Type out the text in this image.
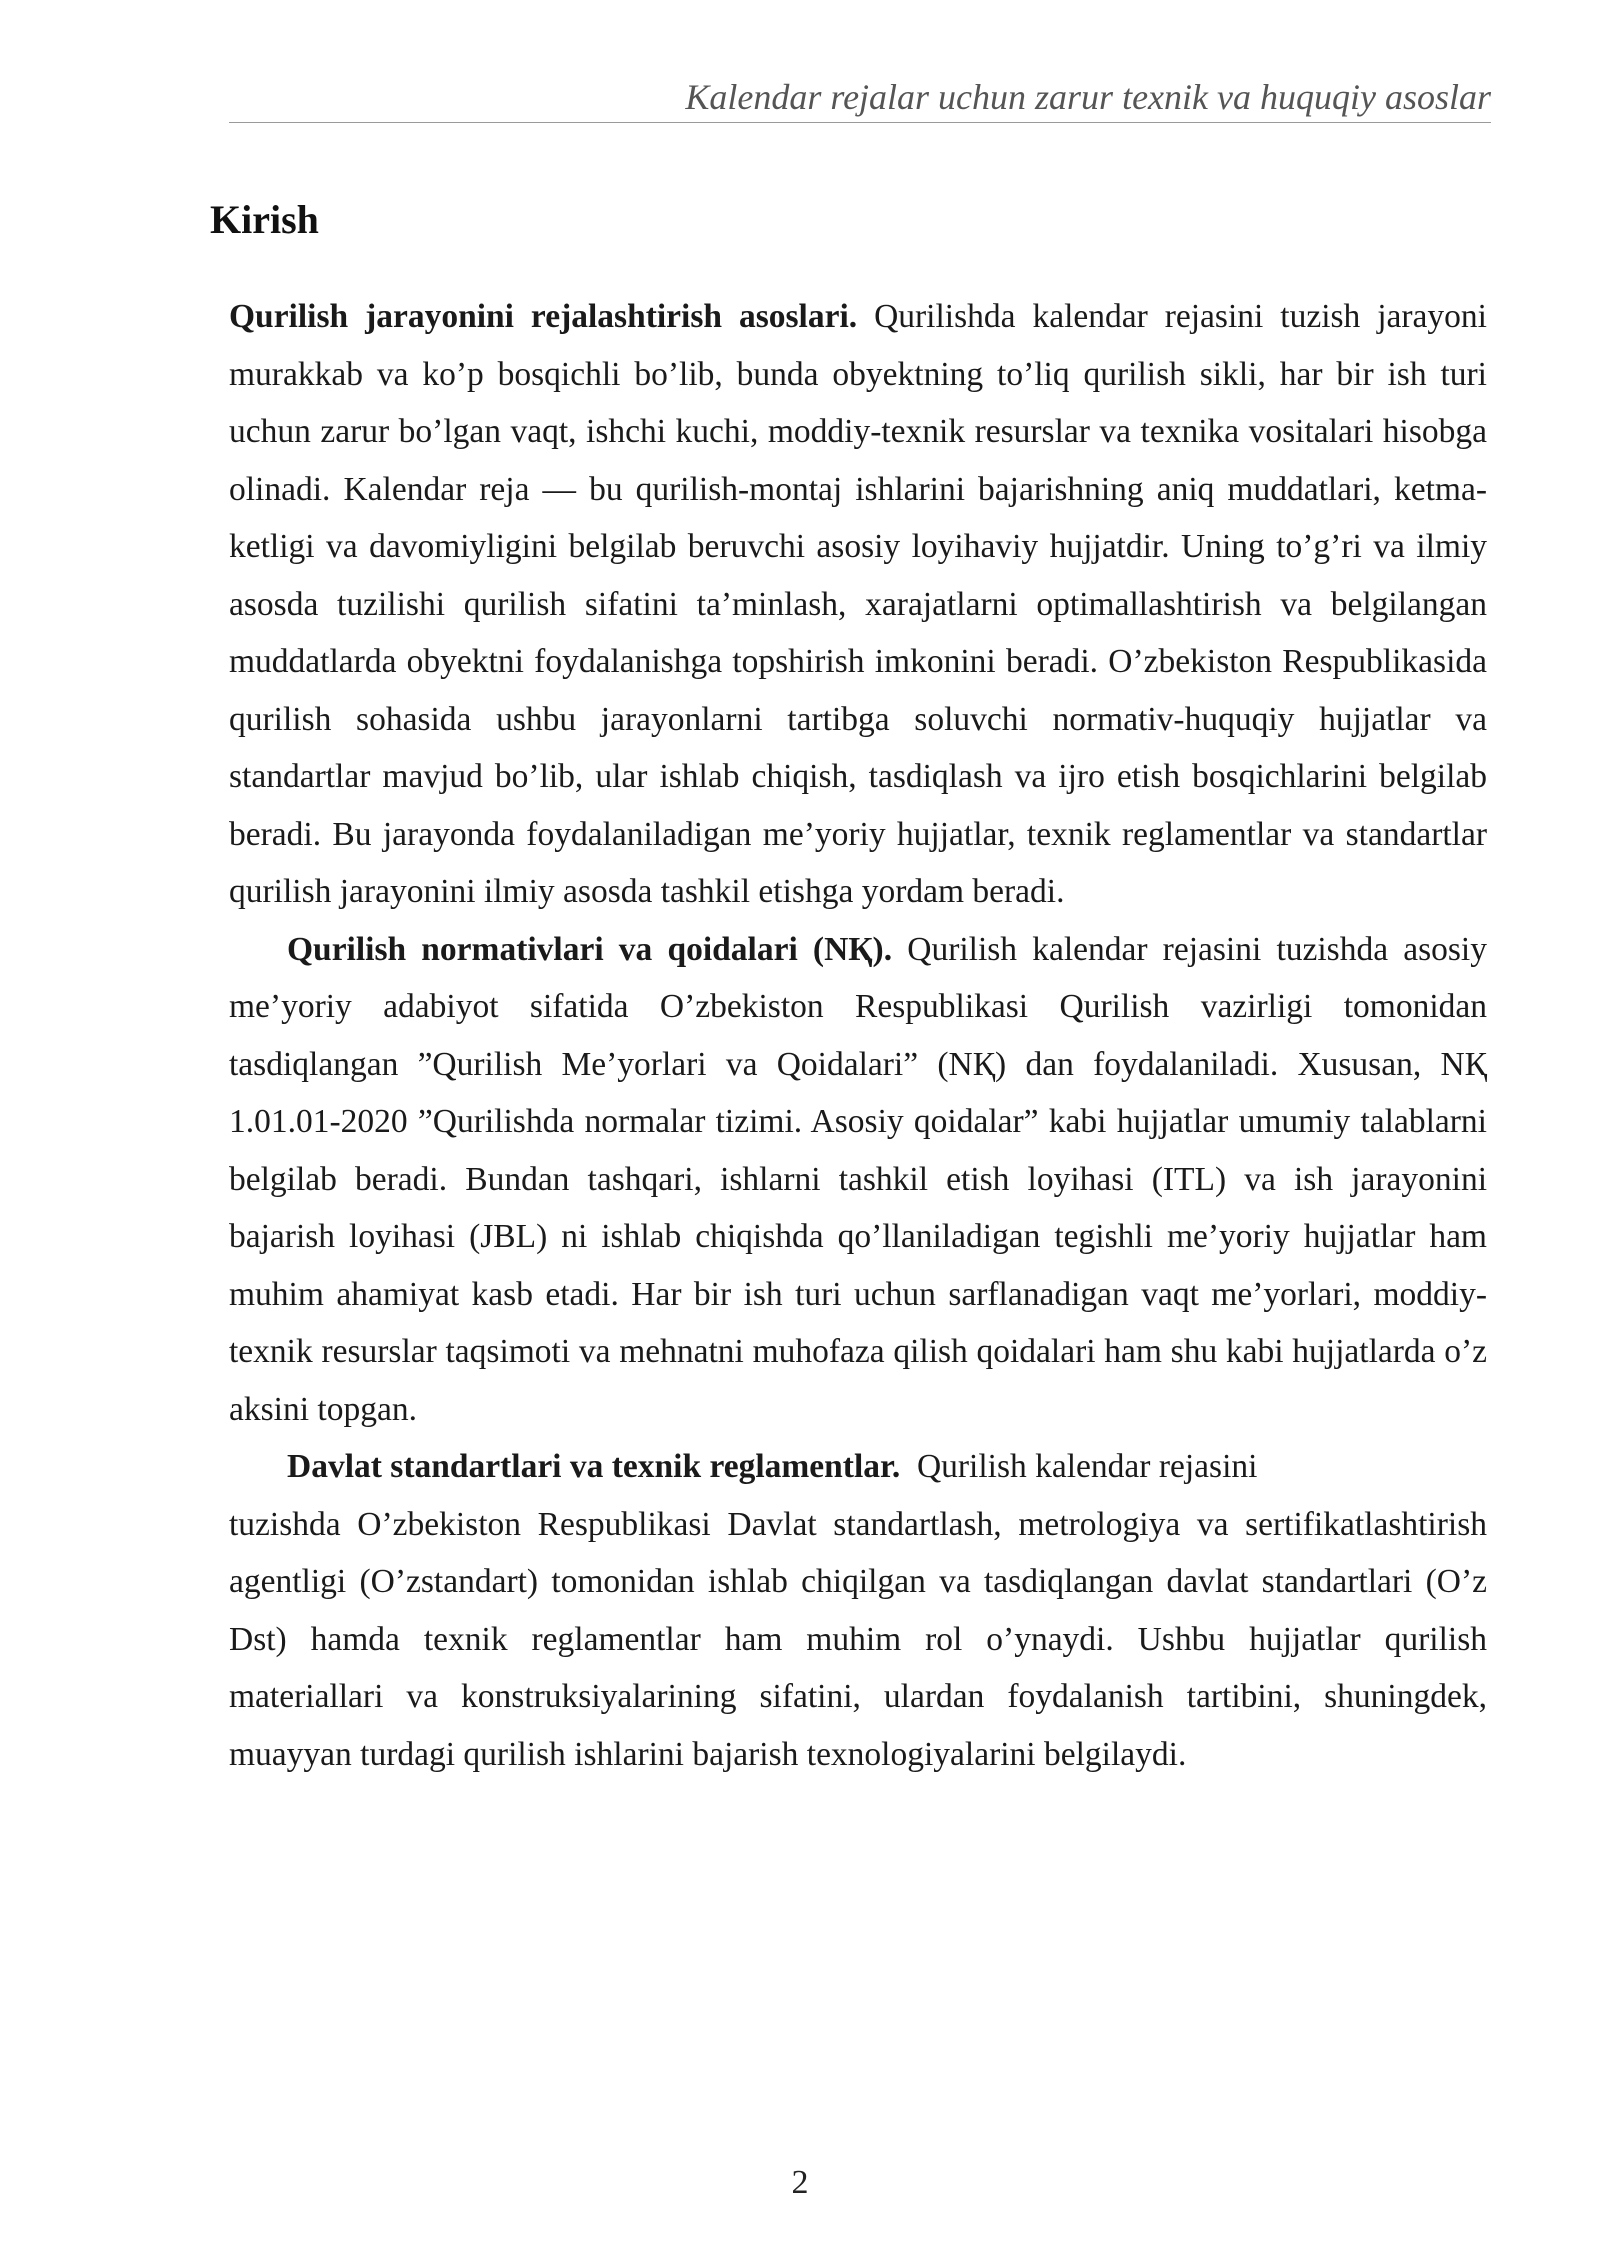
Kalendar rejalar uchun zarur texnik va huquqiy asoslar
Kirish

Qurilish jarayonini rejalashtirish asoslari. Qurilishda kalendar rejasini tuzish jarayoni murakkab va ko’p bosqichli bo’lib, bunda obyektning to’liq qurilish sikli, har bir ish turi uchun zarur bo’lgan vaqt, ishchi kuchi, moddiy-texnik resurslar va texnika vositalari hisobga olinadi. Kalendar reja — bu qurilish-montaj ishlarini bajarishning aniq muddatlari, ketma-ketligi va davomiyligini belgilab beruvchi asosiy loyihaviy hujjatdir. Uning to’g’ri va ilmiy asosda tuzilishi qurilish sifatini ta’minlash, xarajatlarni optimallashtirish va belgilangan muddatlarda obyektni foydalanishga topshirish imkonini beradi. O’zbekiston Respublikasida qurilish sohasida ushbu jarayonlarni tartibga soluvchi normativ-huquqiy hujjatlar va standartlar mavjud bo’lib, ular ishlab chiqish, tasdiqlash va ijro etish bosqichlarini belgilab beradi. Bu jarayonda foydalaniladigan me’yoriy hujjatlar, texnik reglamentlar va standartlar qurilish jarayonini ilmiy asosda tashkil etishga yordam beradi.

Qurilish normativlari va qoidalari (NҚ). Qurilish kalendar rejasini tuzishda asosiy me’yoriy adabiyot sifatida O’zbekiston Respublikasi Qurilish vazirligi tomonidan tasdiqlangan ”Qurilish Me’yorlari va Qoidalari” (NҚ) dan foydalaniladi. Xususan, NҚ 1.01.01-2020 ”Qurilishda normalar tizimi. Asosiy qoidalar” kabi hujjatlar umumiy talablarni belgilab beradi. Bundan tashqari, ishlarni tashkil etish loyihasi (ITL) va ish jarayonini bajarish loyihasi (JBL) ni ishlab chiqishda qo’llaniladigan tegishli me’yoriy hujjatlar ham muhim ahamiyat kasb etadi. Har bir ish turi uchun sarflanadigan vaqt me’yorlari, moddiy-texnik resurslar taqsimoti va mehnatni muhofaza qilish qoidalari ham shu kabi hujjatlarda o’z aksini topgan.

Davlat standartlari va texnik reglamentlar.  Qurilish kalendar rejasini

tuzishda O’zbekiston Respublikasi Davlat standartlash, metrologiya va sertifikatlashtirish agentligi (O’zstandart) tomonidan ishlab chiqilgan va tasdiqlangan davlat standartlari (O’z Dst) hamda texnik reglamentlar ham muhim rol o’ynaydi. Ushbu hujjatlar qurilish materiallari va konstruksiyalarining sifatini, ulardan foydalanish tartibini, shuningdek, muayyan turdagi qurilish ishlarini bajarish texnologiyalarini belgilaydi.

2
